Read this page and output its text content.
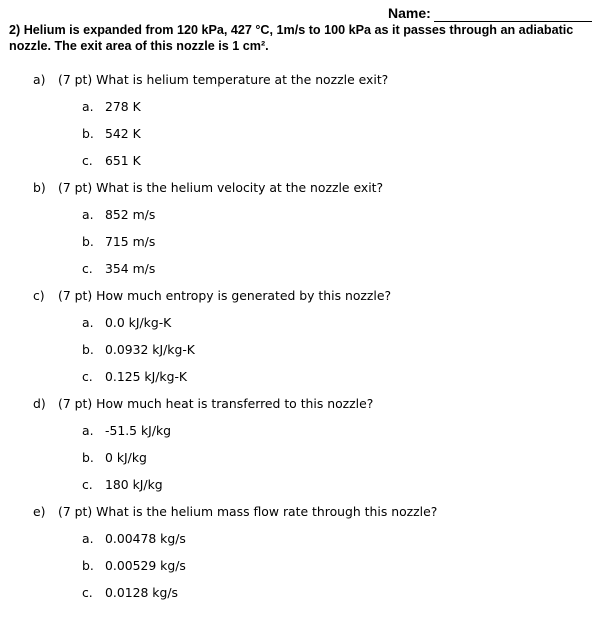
Name:
2) Helium is expanded from 120 kPa, 427 °C, 1m/s to 100 kPa as it passes through an adiabatic nozzle. The exit area of this nozzle is 1 cm².
a) (7 pt) What is helium temperature at the nozzle exit?
a. 278 K
b. 542 K
c. 651 K
b) (7 pt) What is the helium velocity at the nozzle exit?
a. 852 m/s
b. 715 m/s
c. 354 m/s
c) (7 pt) How much entropy is generated by this nozzle?
a. 0.0 kJ/kg-K
b. 0.0932 kJ/kg-K
c. 0.125 kJ/kg-K
d) (7 pt) How much heat is transferred to this nozzle?
a. -51.5 kJ/kg
b. 0 kJ/kg
c. 180 kJ/kg
e) (7 pt) What is the helium mass flow rate through this nozzle?
a. 0.00478 kg/s
b. 0.00529 kg/s
c. 0.0128 kg/s
